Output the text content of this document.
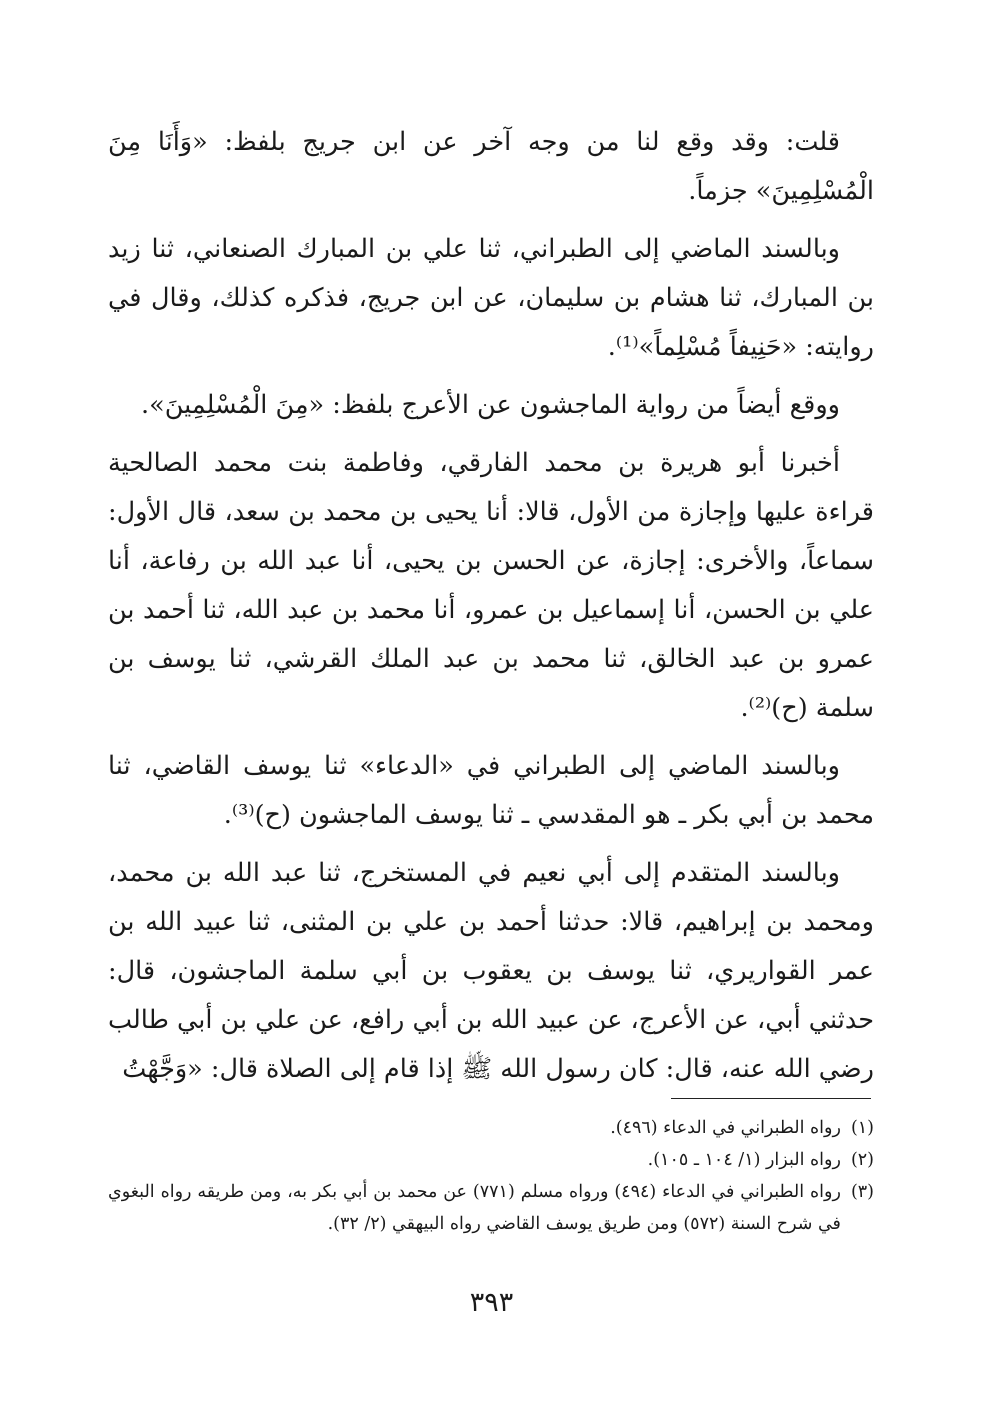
قلت: وقد وقع لنا من وجه آخر عن ابن جريج بلفظ: «وَأَنَا مِنَ الْمُسْلِمِينَ» جزماً.

وبالسند الماضي إلى الطبراني، ثنا علي بن المبارك الصنعاني، ثنا زيد بن المبارك، ثنا هشام بن سليمان، عن ابن جريج، فذكره كذلك، وقال في روايته: «حَنِيفاً مُسْلِماً»⁽¹⁾.

ووقع أيضاً من رواية الماجشون عن الأعرج بلفظ: «مِنَ الْمُسْلِمِينَ».

أخبرنا أبو هريرة بن محمد الفارقي، وفاطمة بنت محمد الصالحية قراءة عليها وإجازة من الأول، قالا: أنا يحيى بن محمد بن سعد، قال الأول: سماعاً، والأخرى: إجازة، عن الحسن بن يحيى، أنا عبد الله بن رفاعة، أنا علي بن الحسن، أنا إسماعيل بن عمرو، أنا محمد بن عبد الله، ثنا أحمد بن عمرو بن عبد الخالق، ثنا محمد بن عبد الملك القرشي، ثنا يوسف بن سلمة (ح)⁽²⁾.

وبالسند الماضي إلى الطبراني في «الدعاء» ثنا يوسف القاضي، ثنا محمد بن أبي بكر ـ هو المقدسي ـ ثنا يوسف الماجشون (ح)⁽³⁾.

وبالسند المتقدم إلى أبي نعيم في المستخرج، ثنا عبد الله بن محمد، ومحمد بن إبراهيم، قالا: حدثنا أحمد بن علي بن المثنى، ثنا عبيد الله بن عمر القواريري، ثنا يوسف بن يعقوب بن أبي سلمة الماجشون، قال: حدثني أبي، عن الأعرج، عن عبيد الله بن أبي رافع، عن علي بن أبي طالب رضي الله عنه، قال: كان رسول الله ﷺ إذا قام إلى الصلاة قال: «وَجَّهْتُ

(١)
رواه الطبراني في الدعاء (٤٩٦).
(٢)
رواه البزار (١/ ١٠٤ ـ ١٠٥).
(٣)
رواه الطبراني في الدعاء (٤٩٤) ورواه مسلم (٧٧١) عن محمد بن أبي بكر به، ومن طريقه رواه البغوي في شرح السنة (٥٧٢) ومن طريق يوسف القاضي رواه البيهقي (٢/ ٣٢).
٣٩٣
